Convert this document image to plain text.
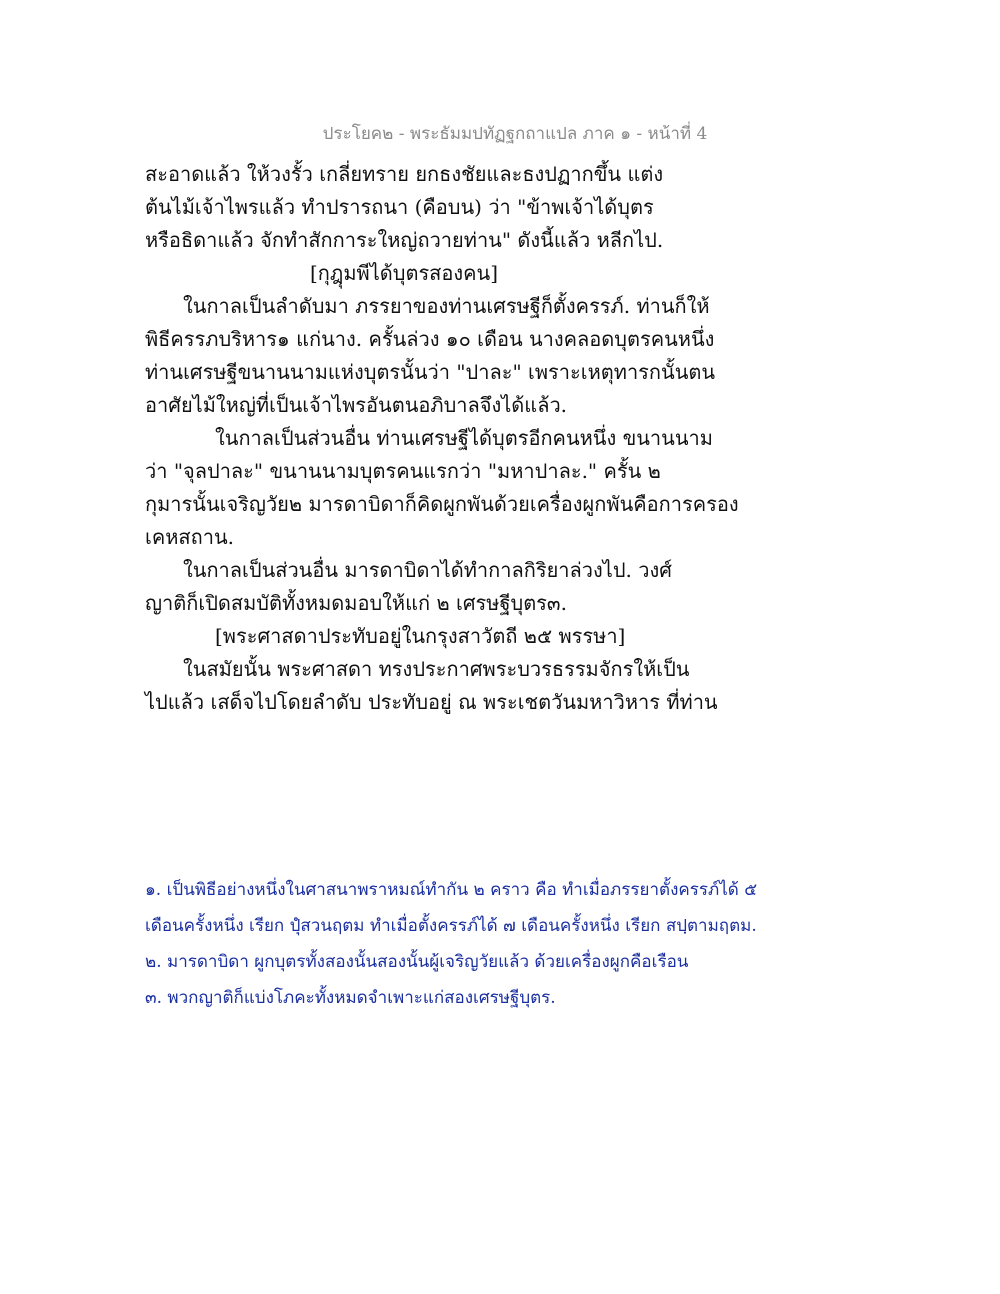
ประโยค๒ - พระธัมมปทัฏฐกถาแปล ภาค ๑ - หน้าที่ 4
สะอาดแล้ว ให้วงรั้ว เกลี่ยทราย ยกธงชัยและธงปฏากขึ้น แต่ง
ต้นไม้เจ้าไพรแล้ว ทำปรารถนา (คือบน) ว่า "ข้าพเจ้าได้บุตร
หรือธิดาแล้ว จักทำสักการะใหญ่ถวายท่าน" ดังนี้แล้ว หลีกไป.
[กุฎุมพีได้บุตรสองคน]
ในกาลเป็นลำดับมา ภรรยาของท่านเศรษฐีก็ตั้งครรภ์. ท่านก็ให้
พิธีครรภบริหาร๑ แก่นาง. ครั้นล่วง ๑๐ เดือน นางคลอดบุตรคนหนึ่ง
ท่านเศรษฐีขนานนามแห่งบุตรนั้นว่า "ปาละ" เพราะเหตุทารกนั้นตน
อาศัยไม้ใหญ่ที่เป็นเจ้าไพรอันตนอภิบาลจึงได้แล้ว.
ในกาลเป็นส่วนอื่น ท่านเศรษฐีได้บุตรอีกคนหนึ่ง ขนานนาม
ว่า "จุลปาละ" ขนานนามบุตรคนแรกว่า "มหาปาละ." ครั้น ๒
กุมารนั้นเจริญวัย๒ มารดาบิดาก็คิดผูกพันด้วยเครื่องผูกพันคือการครอง
เคหสถาน.
ในกาลเป็นส่วนอื่น มารดาบิดาได้ทำกาลกิริยาล่วงไป. วงศ์
ญาติก็เปิดสมบัติทั้งหมดมอบให้แก่ ๒ เศรษฐีบุตร๓.
[พระศาสดาประทับอยู่ในกรุงสาวัตถี ๒๕ พรรษา]
ในสมัยนั้น พระศาสดา ทรงประกาศพระบวรธรรมจักรให้เป็น
ไปแล้ว เสด็จไปโดยลำดับ ประทับอยู่ ณ พระเชตวันมหาวิหาร ที่ท่าน
๑. เป็นพิธีอย่างหนึ่งในศาสนาพราหมณ์ทำกัน ๒ คราว คือ ทำเมื่อภรรยาตั้งครรภ์ได้ ๕
เดือนครั้งหนึ่ง เรียก ปุํสวนฤตม ทำเมื่อตั้งครรภ์ได้ ๗ เดือนครั้งหนึ่ง เรียก สปฺตามฤตม.
๒. มารดาบิดา ผูกบุตรทั้งสองนั้นสองนั้นผู้เจริญวัยแล้ว ด้วยเครื่องผูกคือเรือน
๓. พวกญาติก็แบ่งโภคะทั้งหมดจำเพาะแก่สองเศรษฐีบุตร.
